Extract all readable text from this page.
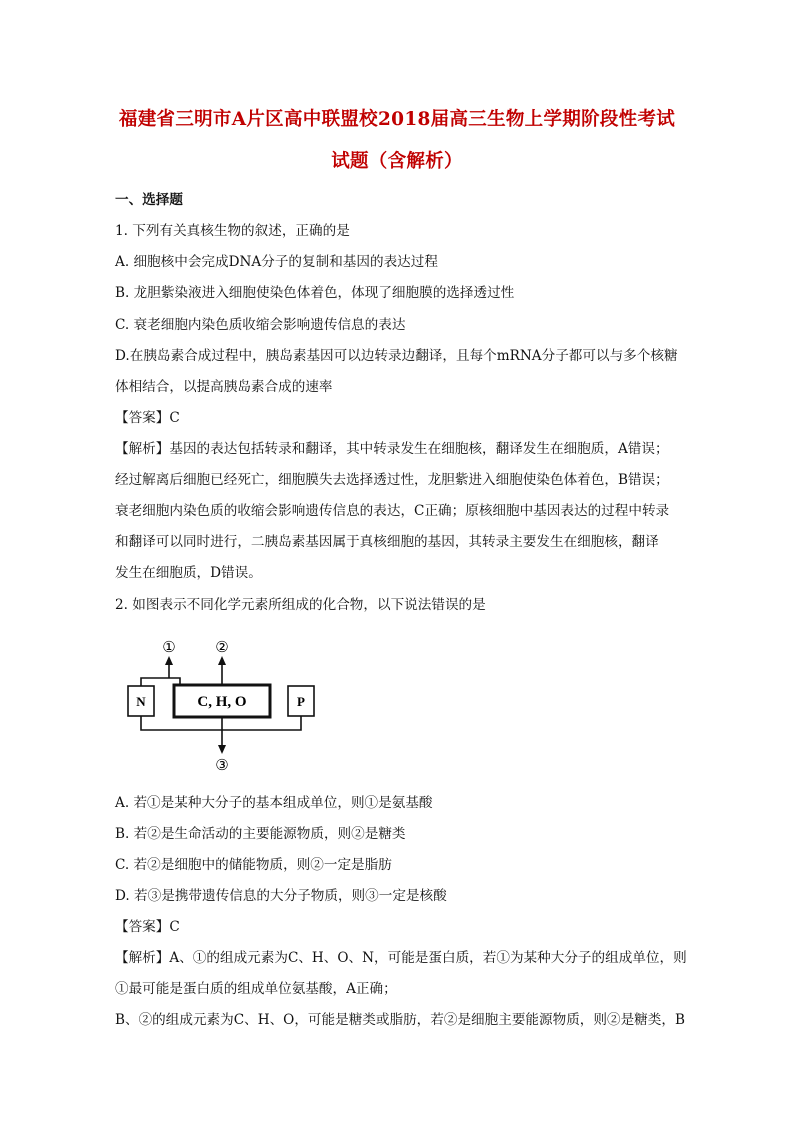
福建省三明市A片区高中联盟校2018届高三生物上学期阶段性考试
试题（含解析）
一、选择题
1. 下列有关真核生物的叙述，正确的是
A. 细胞核中会完成DNA分子的复制和基因的表达过程
B. 龙胆紫染液进入细胞使染色体着色，体现了细胞膜的选择透过性
C. 衰老细胞内染色质收缩会影响遗传信息的表达
D.在胰岛素合成过程中，胰岛素基因可以边转录边翻译，且每个mRNA分子都可以与多个核糖
体相结合，以提高胰岛素合成的速率
【答案】C
【解析】基因的表达包括转录和翻译，其中转录发生在细胞核，翻译发生在细胞质，A错误；
经过解离后细胞已经死亡，细胞膜失去选择透过性，龙胆紫进入细胞使染色体着色，B错误；
衰老细胞内染色质的收缩会影响遗传信息的表达，C正确；原核细胞中基因表达的过程中转录
和翻译可以同时进行，二胰岛素基因属于真核细胞的基因，其转录主要发生在细胞核，翻译
发生在细胞质，D错误。
2. 如图表示不同化学元素所组成的化合物，以下说法错误的是
①	②
③
N	C, H, O	P
A. 若①是某种大分子的基本组成单位，则①是氨基酸
B. 若②是生命活动的主要能源物质，则②是糖类
C. 若②是细胞中的储能物质，则②一定是脂肪
D. 若③是携带遗传信息的大分子物质，则③一定是核酸
【答案】C
【解析】A、①的组成元素为C、H、O、N，可能是蛋白质，若①为某种大分子的组成单位，则
①最可能是蛋白质的组成单位氨基酸，A正确；
B、②的组成元素为C、H、O，可能是糖类或脂肪，若②是细胞主要能源物质，则②是糖类，B
